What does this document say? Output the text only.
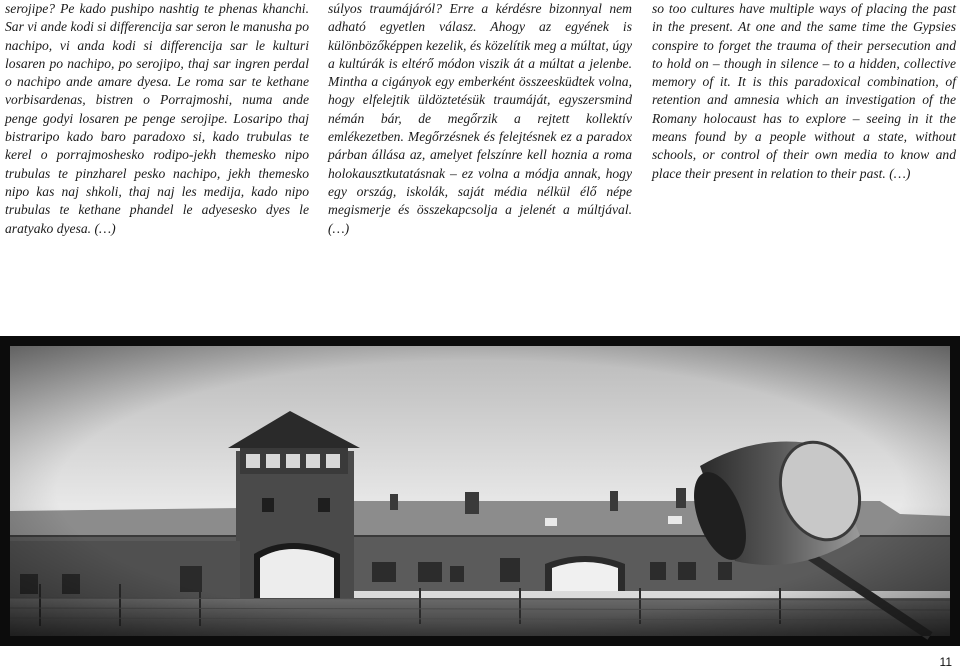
serojipe? Pe kado pushipo nashtig te phenas khanchi. Sar vi ande kodi si differencija sar seron le manusha po nachipo, vi anda kodi si differencija sar le kulturi losaren po nachipo, po serojipo, thaj sar ingren perdal o nachipo ande amare dyesa. Le roma sar te kethane vorbisardenas, bistren o Porrajmoshi, numa ande penge godyi losaren pe penge serojipe. Losaripo thaj bistraripo kado baro paradoxo si, kado trubulas te kerel o porrajmoshesko rodipo-jekh themesko nipo trubulas te pinzharel pesko nachipo, jekh themesko nipo kas naj shkoli, thaj naj les medija, kado nipo trubulas te kethane phandel le adyesesko dyes le aratyako dyesa. (…)

súlyos traumájáról? Erre a kérdésre bizonnyal nem adható egyetlen válasz. Ahogy az egyének is különbözőképpen kezelik, és közelítik meg a múltat, úgy a kultúrák is eltérő módon viszik át a múltat a jelenbe. Mintha a cigányok egy emberként összeesküdtek volna, hogy elfelejtik üldöztetésük traumáját, egyszersmind némán bár, de megőrzik a rejtett kollektív emlékezetben. Megőrzésnek és felejtésnek ez a paradox párban állása az, amelyet felszínre kell hoznia a roma holokausztkutatásnak – ez volna a módja annak, hogy egy ország, iskolák, saját média nélkül élő népe megismerje és összekapcsolja a jelenét a múltjával. (…)

so too cultures have multiple ways of placing the past in the present. At one and the same time the Gypsies conspire to forget the trauma of their persecution and to hold on – though in silence – to a hidden, collective memory of it. It is this paradoxical combination, of retention and amnesia which an investigation of the Romany holocaust has to explore – seeing in it the means found by a people without a state, without schools, or control of their own media to know and place their present in relation to their past. (…)

11
